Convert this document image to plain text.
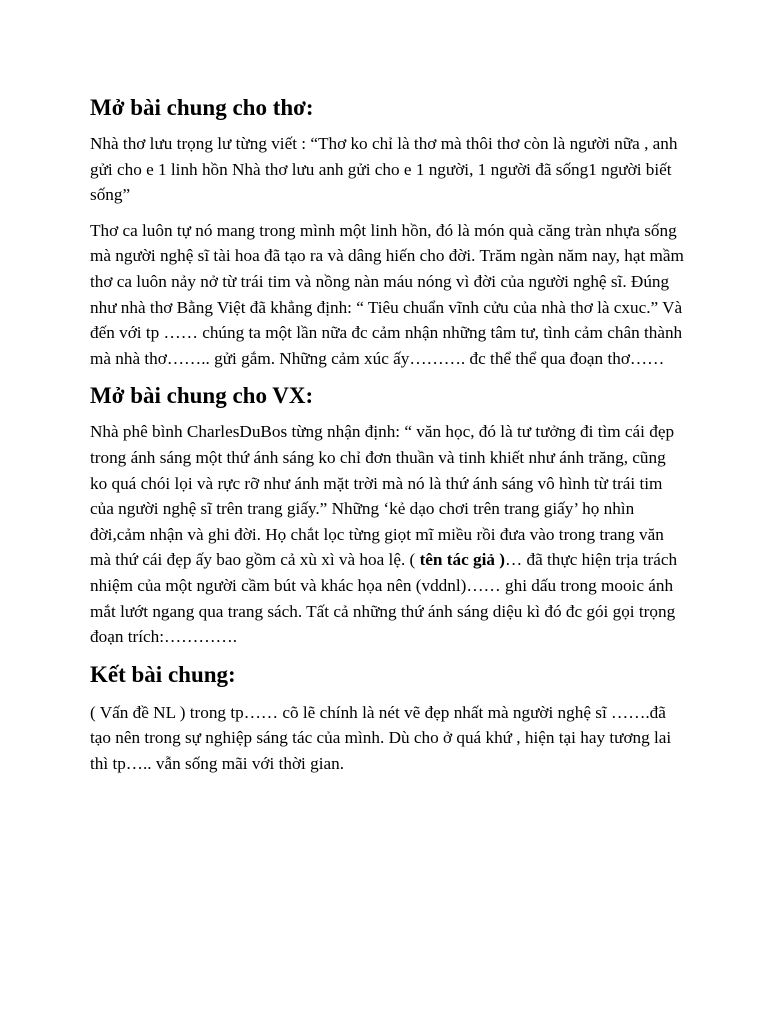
Mở bài chung cho thơ:

Nhà thơ lưu trọng lư từng viết : “Thơ ko chỉ là thơ mà thôi thơ còn là người nữa , anh gửi cho e 1 linh hồn Nhà thơ lưu anh gửi cho e 1 người, 1 người đã sống1 người biết sống”

Thơ ca luôn tự nó mang trong mình một linh hồn, đó là món quà căng tràn nhựa sống mà người nghệ sĩ tài hoa đã tạo ra và dâng hiến cho đời. Trăm ngàn năm nay, hạt mầm thơ ca luôn nảy nở từ trái tim và nồng nàn máu nóng vì đời của người nghệ sĩ. Đúng như nhà thơ Bằng Việt đã khẳng định: “ Tiêu chuẩn vĩnh cửu của nhà thơ là cxuc.” Và đến với tp …… chúng ta một lần nữa đc cảm nhận những tâm tư, tình cảm chân thành mà nhà thơ…….. gửi gắm. Những cảm xúc ấy………. đc thể thể qua đoạn thơ……

Mở bài chung cho VX:

Nhà phê bình CharlesDuBos từng nhận định: “ văn học, đó là tư tưởng đi tìm cái đẹp trong ánh sáng một thứ ánh sáng ko chỉ đơn thuần và tinh khiết như ánh trăng, cũng ko quá chói lọi và rực rỡ như ánh mặt trời mà nó là thứ ánh sáng vô hình từ trái tim của người nghệ sĩ trên trang giấy.” Những ‘kẻ dạo chơi trên trang giấy’ họ nhìn đời,cảm nhận và ghi đời. Họ chắt lọc từng giọt mĩ miều rồi đưa vào trong trang văn mà thứ cái đẹp ấy bao gồm cả xù xì và hoa lệ. ( tên tác giả )… đã thực hiện trịa trách nhiệm của một người cầm bút và khác họa nên (vddnl)…… ghi dấu trong mooic ánh mắt lướt ngang qua trang sách. Tất cả những thứ ánh sáng diệu kì đó đc gói gọi trọng đoạn trích:………….

Kết bài chung:

( Vấn đề NL ) trong tp…… cõ lẽ chính là nét vẽ đẹp nhất mà người nghệ sĩ …….đã tạo nên trong sự nghiệp sáng tác của mình. Dù cho ở quá khứ , hiện tại hay tương lai thì tp….. vẫn sống mãi với thời gian.
